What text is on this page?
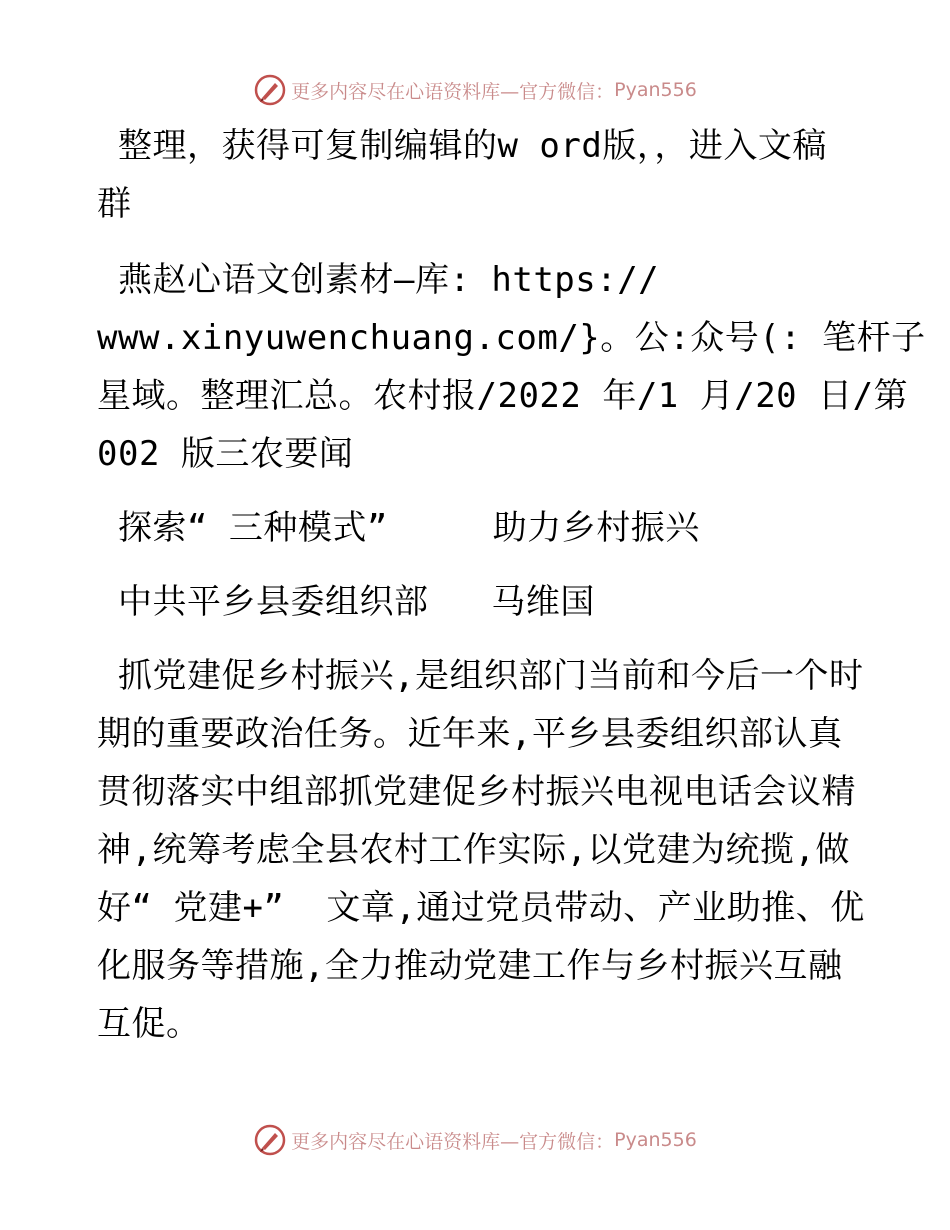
更多内容尽在心语资料库—官方微信： Pyan556
整理，获得可复制编辑的w ord版，，进入文稿
群
燕赵心语文创素材—库: https://
www.xinyuwenchuang.com/}。公:众号(: 笔杆子
星域。整理汇总。农村报/2022 年/1 月/20 日/第
002 版三农要闻
探索“ 三种模式”     助力乡村振兴
中共平乡县委组织部   马维国
抓党建促乡村振兴,是组织部门当前和今后一个时
期的重要政治任务。近年来,平乡县委组织部认真
贯彻落实中组部抓党建促乡村振兴电视电话会议精
神,统筹考虑全县农村工作实际,以党建为统揽,做
好“ 党建+”  文章,通过党员带动、产业助推、优
化服务等措施,全力推动党建工作与乡村振兴互融
互促。
更多内容尽在心语资料库—官方微信： Pyan556
